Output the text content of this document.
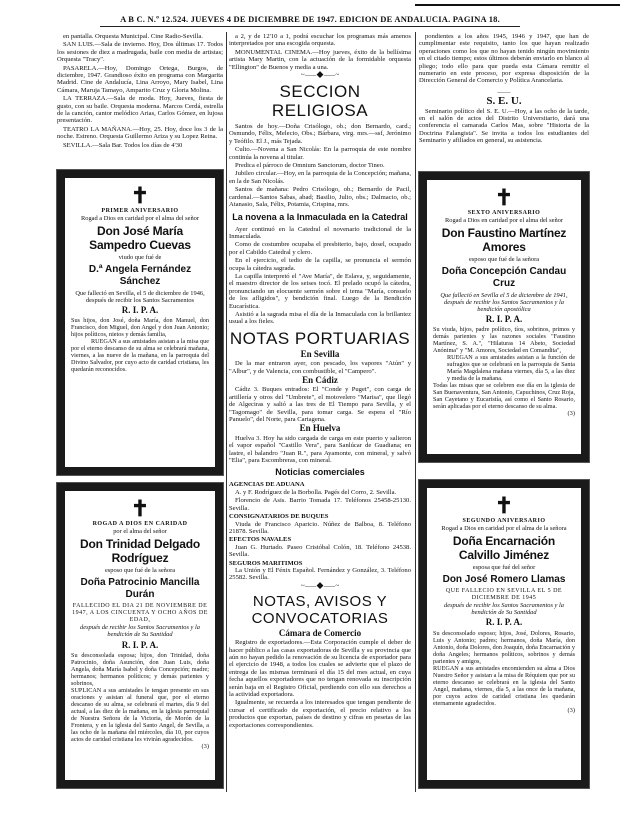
A B C. N.º 12.524. JUEVES 4 DE DICIEMBRE DE 1947. EDICION DE ANDALUCIA. PAGINA 18.

en pantalla. Orquesta Municipal. Cine Radio-Sevilla.

SAN LUIS.—Sala de invierno. Hoy, Dos últimas 17. Todos los sesiones de diez a madrugada, baile con media de artistas; Orquesta "Tracy".

PASARELA.—Hoy, Domingo Ortega, Burgos, de diciembre, 1947. Grandioso éxito en programa con Margarita Madrid. Cine de Andalucía, Lina Arroyo, Mary Isabel, Lina Cámara, Maruja Tamayo, Amparito Cruz y Gloria Molina.

LA TERRAZA.—Sala de moda. Hoy, Jueves, fiesta de gusto, con su baile. Orquesta moderna. Marcos Cerdá, estrella de la canción, cantor melódico Arias, Carlos Gómez, en lujosa presentación.

TEATRO LA MAÑANA.—Hoy, 25. Hoy, doce los 3 de la noche. Estreno. Orquesta Guillermo Ariza y su Lopez Reina.

SEVILLA.—Sala Bar. Todos los días de 4'30

✝
PRIMER ANIVERSARIO
Rogad a Dios en caridad por el alma del señor
Don José María Sampedro Cuevas
viudo que fué de
D.ª Angela Fernández Sánchez
Que falleció en Sevilla, el 5 de diciembre de 1946, después de recibir los Santos Sacramentos
R. I. P. A.
Sus hijos, don José, doña María, don Manuel, don Francisco, don Miguel, don Angel y don Juan Antonio; hijos políticos, nietos y demás familia,
RUEGAN a sus amistades asistan a la misa que por el eterno descanso de su alma se celebrará mañana, viernes, a las nueve de la mañana, en la parroquia del Divino Salvador, por cuyo acto de caridad cristiana, les quedarán reconocidos.
✝
ROGAD A DIOS EN CARIDAD
por el alma del señor
Don Trinidad Delgado Rodríguez
esposo que fué de la señora
Doña Patrocinio Mancilla Durán
FALLECIDO EL DIA 21 DE NOVIEMBRE DE 1947, A LOS CINCUENTA Y OCHO AÑOS DE EDAD,
después de recibir los Santos Sacramentos y la bendición de Su Santidad
R. I. P. A.
Su desconsolada esposa; hijos, don Trinidad, doña Patrocinio, doña Asunción, don Juan Luis, doña Angela, doña María Isabel y doña Concepción; madre; hermanos; hermanos políticos; y demás parientes y sobrinos,
SUPLICAN a sus amistades le tengan presente en sus oraciones y asistan al funeral que, por el eterno descanso de su alma, se celebrará el martes, día 9 del actual, a las diez de la mañana, en la iglesia parroquial de Nuestra Señora de la Victoria, de Morón de la Frontera, y en la iglesia del Santo Angel, de Sevilla, a las ocho de la mañana del miércoles, día 10, por cuyos actos de caridad cristiana les vivirán agradecidos.
(3)

a 2, y de 12'10 a 1, podrá escuchar los programas más amenos interpretados por una escogida orquesta.

MONUMENTAL CINEMA.—Hoy jueves, éxito de la bellísima artista Mary Martin, con la actuación de la formidable orquesta "Ellington" de Buenos y media a una.

~⸺◆⸺~
SECCION RELIGIOSA

Santos de hoy.—Doña Crisólogo, ob.; don Bernardo, card.; Osmundo, Félix, Melecio, Obs.; Bárbara, virg. mrs.—ssf, Jerónimo y Teófilo. El J., más Tejada.

Culto.—Novena a San Nicolás: En la parroquia de este nombre continúa la novena al titular.

Predica el párroco de Omnium Sanctorum, doctor Tineo.

Jubileo circular.—Hoy, en la parroquia de la Concepción; mañana, en la de San Nicolás.

Santos de mañana: Pedro Crisólogo, ob.; Bernardo de Pacil, cardenal.—Santos Sabas, abad; Basilio, Julio, obs.; Dalmacio, ob.; Atanasio, Sala, Félix, Potamia, Crispina, mrs.

La novena a la Inmaculada en la Catedral

Ayer continuó en la Catedral el novenario tradicional de la Inmaculada.

Como de costumbre ocupaba el presbiterio, bajo, dosel, ocupado por el Cabildo Catedral y clero.

En el ejercicio, el tedio de la capilla, se pronuncia el sermón ocupa la cátedra sagrada.

La capilla interpretó el "Ave María", de Eslava, y, seguidamente, el maestro director de los seises tocó. El prelado ocupó la cátedra, pronunciando un elocuente sermón sobre el tema "María, consuelo de los afligidos", y bendición final. Luego de la Bendición Eucarística.

Asistió a la sagrada misa el día de la Inmaculada con la brillantez usual a los fieles.

NOTAS PORTUARIAS
En Sevilla

De la mar entraron ayer, con pescado, los vapores "Atún" y "Albur", y de Valencia, con combustible, el "Campero".

En Cádiz

Cádiz 3. Buques entrados: El "Conde y Puget", con carga de artillería y otros del "Umbrete", el motovelero "Marisa", que llegó de Algeciras y salió a las tres de El Tiempo para Sevilla, y el "Tagomago" de Sevilla, para tomar carga. Se espera el "Río Panuelo", del Norte, para Cartagena.

En Huelva

Huelva 3. Hoy ha sido cargada de carga en este puerto y salieron el vapor español "Castillo Vera", para Sanlúcar de Guadiana; en lastre, el balandro "Juan R.", para Ayamonte, con mineral, y salvó "Elia", para Escombreras, con mineral.

Noticias comerciales
AGENCIAS DE ADUANA

A. y F. Rodríguez de la Borbolla. Pagés del Corro, 2. Sevilla.

Florencio de Asis. Barrio Tomada 17. Teléfonos 25458-25130. Sevilla.

CONSIGNATARIOS DE BUQUES

Viuda de Francisco Aparicio. Núñez de Balboa, 8. Teléfono 21878. Sevilla.

EFECTOS NAVALES

Juan G. Hurtado. Paseo Cristóbal Colón, 18. Teléfono 24538. Sevilla.

SEGUROS MARITIMOS

La Unión y El Fénix Español. Fernández y González, 3. Teléfono 25582. Sevilla.

~⸺◆⸺~
NOTAS, AVISOS Y CONVOCATORIAS
Cámara de Comercio

Registro de exportadores.—Esta Corporación cumple el deber de hacer público a las casas exportadoras de Sevilla y su provincia que aún no hayan pedido la renovación de su licencia de exportador para el ejercicio de 1948, a todos los cuales se advierte que el plazo de entrega de las mismas terminará el día 15 del mes actual, en cuya fecha aquellos exportadores que no tengan renovada su inscripción serán baja en el Registro Oficial, perdiendo con ello sus derechos a la actividad exportadora.

Igualmente, se recuerda a los interesados que tengan pendiente de cursar el certificado de exportación, el precio relativo a los productos que exportan, países de destino y cifras en pesetas de las exportaciones correspondientes.

pondientes a los años 1945, 1946 y 1947, que han de cumplimentar este requisito, tanto los que hayan realizado operaciones como los que no hayan tenido ningún movimiento en el citado tiempo; estos últimos deberán enviarlo en blanco al pliego; todo ello para que pueda esta Cámara remitir el numerario en este proceso, por expresa disposición de la Dirección General de Comercio y Política Arancelaria.

——
S. E. U.

Seminario político del S. E. U.—Hoy, a las ocho de la tarde, en el salón de actos del Distrito Universitario, dará una conferencia el camarada Carlos Mas, sobre "Historia de la Doctrina Falangista". Se invita a todos los estudiantes del Seminario y afiliados en general, su asistencia.

✝
SEXTO ANIVERSARIO
Rogad a Dios en caridad por el alma del señor
Don Faustino Martínez Amores
esposo que fué de la señora
Doña Concepción Candau Cruz
Que falleció en Sevilla el 5 de diciembre de 1941, después de recibir los Santos Sacramentos y la bendición apostólica
R. I. P. A.
Su viuda, hijos, padre político, tíos, sobrinos, primos y demás parientes y las razones sociales "Faustino Martínez, S. A.", "Hilaturas 14 Abeto, Sociedad Anónima" y "M. Amores, Sociedad en Comandita",
RUEGAN a sus amistades asistan a la función de sufragios que se celebrará en la parroquia de Santa María Magdalena mañana viernes, día 5, a las diez y media de la mañana.
Todas las misas que se celebren ese día en la iglesia de San Buenaventura, San Antonio, Capuchinos, Cruz Roja, San Cayetano y Eucaristía, así como el Santo Rosario, serán aplicadas por el eterno descanso de su alma.
(3)
✝
SEGUNDO ANIVERSARIO
Rogad a Dios en caridad por el alma de la señora
Doña Encarnación Calvillo Jiménez
esposa que fué del señor
Don José Romero Llamas
QUE FALLECIO EN SEVILLA EL 5 DE DICIEMBRE DE 1945
después de recibir los Santos Sacramentos y la bendición de Su Santidad
R. I. P. A.
Su desconsolado esposo; hijos, José, Dolores, Rosario, Luis y Antonio; padres; hermanos, doña María, don Antonio, doña Dolores, don Joaquín, doña Encarnación y doña Angeles; hermanos políticos, sobrinos y demás parientes y amigos,
RUEGAN a sus amistades encomienden su alma a Dios Nuestro Señor y asistan a la misa de Réquiem que por su eterno descanso se celebrará en la iglesia del Santo Angel, mañana, viernes, día 5, a las once de la mañana, por cuyos actos de caridad cristiana les quedarán eternamente agradecidos.
(3)
